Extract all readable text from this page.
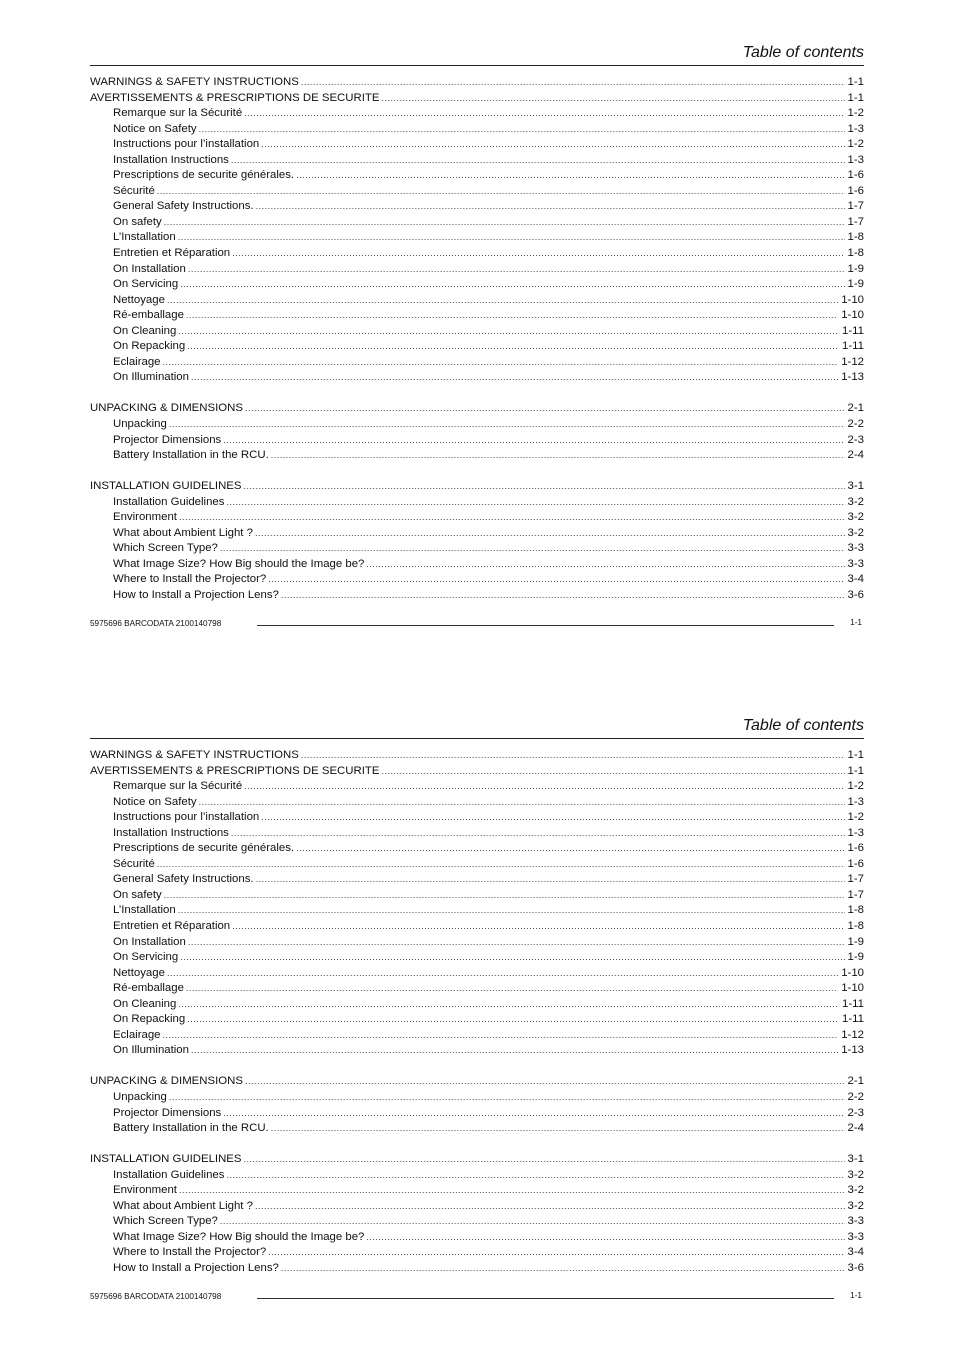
Table of contents
WARNINGS & SAFETY INSTRUCTIONS .....	1-1
AVERTISSEMENTS & PRESCRIPTIONS DE SECURITE .....	1-1
Remarque sur la Sécurité .....	1-2
Notice on Safety .....	1-3
Instructions pour l’installation .....	1-2
Installation Instructions .....	1-3
Prescriptions de securite générales. .....	1-6
Sécurité .....	1-6
General Safety Instructions. .....	1-7
On safety .....	1-7
L’Installation .....	1-8
Entretien et Réparation .....	1-8
On Installation .....	1-9
On Servicing .....	1-9
Nettoyage .....	1-10
Ré-emballage .....	1-10
On Cleaning .....	1-11
On Repacking .....	1-11
Eclairage .....	1-12
On Illumination .....	1-13
UNPACKING & DIMENSIONS .....	2-1
Unpacking .....	2-2
Projector Dimensions .....	2-3
Battery Installation in the RCU. .....	2-4
INSTALLATION GUIDELINES .....	3-1
Installation Guidelines .....	3-2
Environment .....	3-2
What about Ambient Light ? .....	3-2
Which Screen Type? .....	3-3
What Image Size? How Big should the Image be? .....	3-3
Where to Install the Projector? .....	3-4
How to Install a Projection Lens? .....	3-6
5975696 BARCODATA 2100140798	1-1
Table of contents
WARNINGS & SAFETY INSTRUCTIONS .....	1-1
AVERTISSEMENTS & PRESCRIPTIONS DE SECURITE .....	1-1
Remarque sur la Sécurité .....	1-2
Notice on Safety .....	1-3
Instructions pour l’installation .....	1-2
Installation Instructions .....	1-3
Prescriptions de securite générales. .....	1-6
Sécurité .....	1-6
General Safety Instructions. .....	1-7
On safety .....	1-7
L’Installation .....	1-8
Entretien et Réparation .....	1-8
On Installation .....	1-9
On Servicing .....	1-9
Nettoyage .....	1-10
Ré-emballage .....	1-10
On Cleaning .....	1-11
On Repacking .....	1-11
Eclairage .....	1-12
On Illumination .....	1-13
UNPACKING & DIMENSIONS .....	2-1
Unpacking .....	2-2
Projector Dimensions .....	2-3
Battery Installation in the RCU. .....	2-4
INSTALLATION GUIDELINES .....	3-1
Installation Guidelines .....	3-2
Environment .....	3-2
What about Ambient Light ? .....	3-2
Which Screen Type? .....	3-3
What Image Size? How Big should the Image be? .....	3-3
Where to Install the Projector? .....	3-4
How to Install a Projection Lens? .....	3-6
5975696 BARCODATA 2100140798	1-1
